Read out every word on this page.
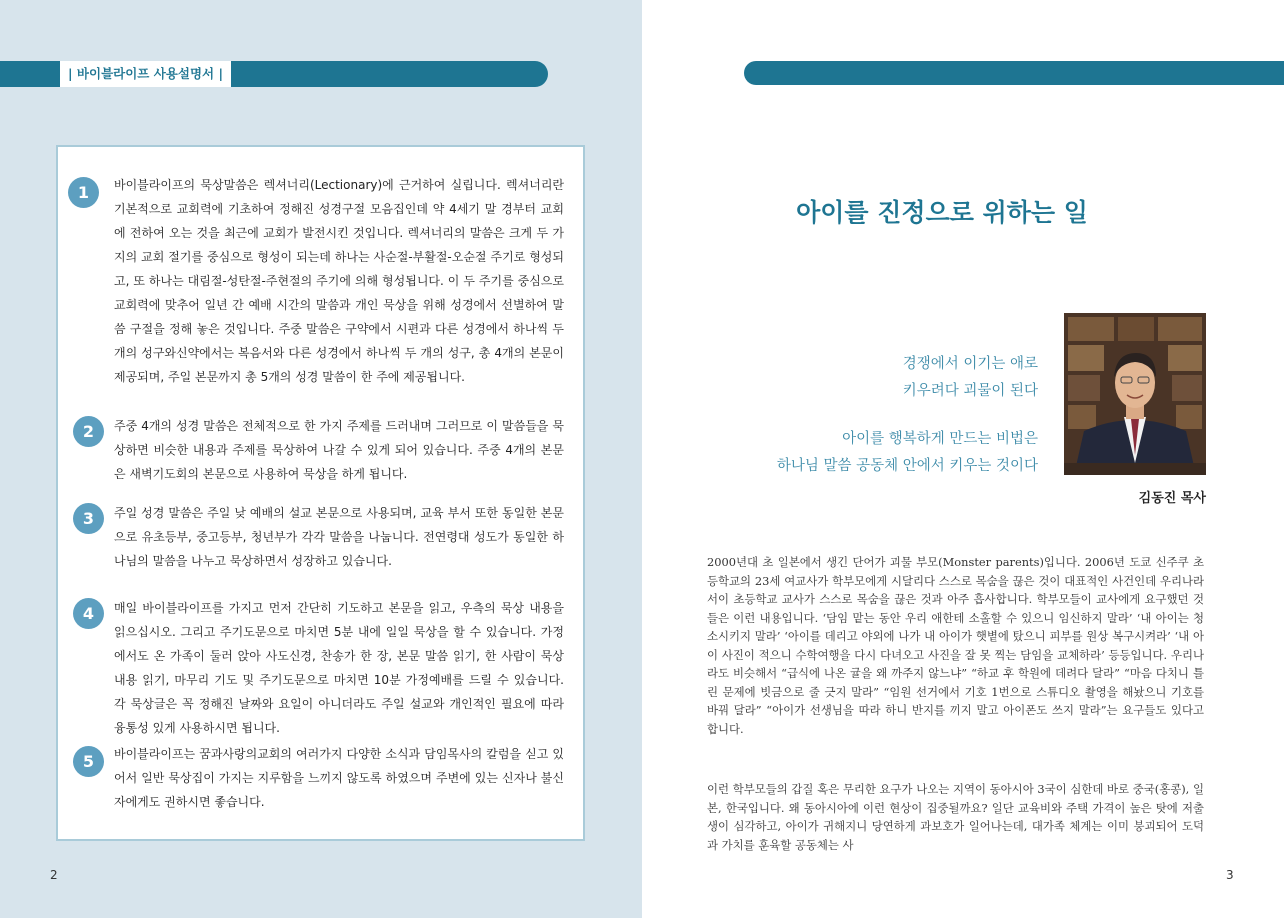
| 바이블라이프 사용설명서 |
1	바이블라이프의 묵상말씀은 렉셔너리(Lectionary)에 근거하여 실립니다. 렉셔너리란 기본적으로 교회력에 기초하여 정해진 성경구절 모음집인데 약 4세기 말 경부터 교회에 전하여 오는 것을 최근에 교회가 발전시킨 것입니다. 렉셔너리의 말씀은 크게 두 가지의 교회 절기를 중심으로 형성이 되는데 하나는 사순절-부활절-오순절 주기로 형성되고, 또 하나는 대림절-성탄절-주현절의 주기에 의해 형성됩니다. 이 두 주기를 중심으로 교회력에 맞추어 일년 간 예배 시간의 말씀과 개인 묵상을 위해 성경에서 선별하여 말씀 구절을 정해 놓은 것입니다. 주중 말씀은 구약에서 시편과 다른 성경에서 하나씩 두 개의 성구와신약에서는 복음서와 다른 성경에서 하나씩 두 개의 성구, 총 4개의 본문이 제공되며, 주일 본문까지 총 5개의 성경 말씀이 한 주에 제공됩니다.
2	주중 4개의 성경 말씀은 전체적으로 한 가지 주제를 드러내며 그러므로 이 말씀들을 묵상하면 비슷한 내용과 주제를 묵상하여 나갈 수 있게 되어 있습니다. 주중 4개의 본문은 새벽기도회의 본문으로 사용하여 묵상을 하게 됩니다.
3	주일 성경 말씀은 주일 낮 예배의 설교 본문으로 사용되며, 교육 부서 또한 동일한 본문으로 유초등부, 중고등부, 청년부가 각각 말씀을 나눕니다. 전연령대 성도가 동일한 하나님의 말씀을 나누고 묵상하면서 성장하고 있습니다.
4	매일 바이블라이프를 가지고 먼저 간단히 기도하고 본문을 읽고, 우측의 묵상 내용을 읽으십시오. 그리고 주기도문으로 마치면 5분 내에 일일 묵상을 할 수 있습니다. 가정에서도 온 가족이 둘러 앉아 사도신경, 찬송가 한 장, 본문 말씀 읽기, 한 사람이 묵상 내용 읽기, 마무리 기도 및 주기도문으로 마치면 10분 가정예배를 드릴 수 있습니다. 각 묵상글은 꼭 정해진 날짜와 요일이 아니더라도 주일 설교와 개인적인 필요에 따라 융통성 있게 사용하시면 됩니다.
5	바이블라이프는 꿈과사랑의교회의 여러가지 다양한 소식과 담임목사의 칼럼을 싣고 있어서 일반 묵상집이 가지는 지루함을 느끼지 않도록 하였으며 주변에 있는 신자나 불신자에게도 권하시면 좋습니다.
2
아이를 진정으로 위하는 일
경쟁에서 이기는 애로
키우려다 괴물이 된다
아이를 행복하게 만드는 비법은
하나님 말씀 공동체 안에서 키우는 것이다
김동진 목사

2000년대 초 일본에서 생긴 단어가 괴물 부모(Monster parents)입니다. 2006년 도쿄 신주쿠 초등학교의 23세 여교사가 학부모에게 시달리다 스스로 목숨을 끊은 것이 대표적인 사건인데 우리나라 서이 초등학교 교사가 스스로 목숨을 끊은 것과 아주 흡사합니다. 학부모들이 교사에게 요구했던 것들은 이런 내용입니다. ‘담임 맡는 동안 우리 애한테 소홀할 수 있으니 임신하지 말라’ ‘내 아이는 청소시키지 말라’ ‘아이를 데리고 야외에 나가 내 아이가 햇볕에 탔으니 피부를 원상 복구시켜라’ ‘내 아이 사진이 적으니 수학여행을 다시 다녀오고 사진을 잘 못 찍는 담임을 교체하라’ 등등입니다. 우리나라도 비슷해서 “급식에 나온 귤을 왜 까주지 않느냐” “하교 후 학원에 데려다 달라” “마음 다치니 틀린 문제에 빗금으로 줄 긋지 말라” “임원 선거에서 기호 1번으로 스튜디오 촬영을 해놨으니 기호를 바꿔 달라” “아이가 선생님을 따라 하니 반지를 끼지 말고 아이폰도 쓰지 말라”는 요구들도 있다고 합니다.

이런 학부모들의 갑질 혹은 무리한 요구가 나오는 지역이 동아시아 3국이 심한데 바로 중국(홍콩), 일본, 한국입니다. 왜 동아시아에 이런 현상이 집중될까요? 일단 교육비와 주택 가격이 높은 탓에 저출생이 심각하고, 아이가 귀해지니 당연하게 과보호가 일어나는데, 대가족 체계는 이미 붕괴되어 도덕과 가치를 훈육할 공동체는 사

3
